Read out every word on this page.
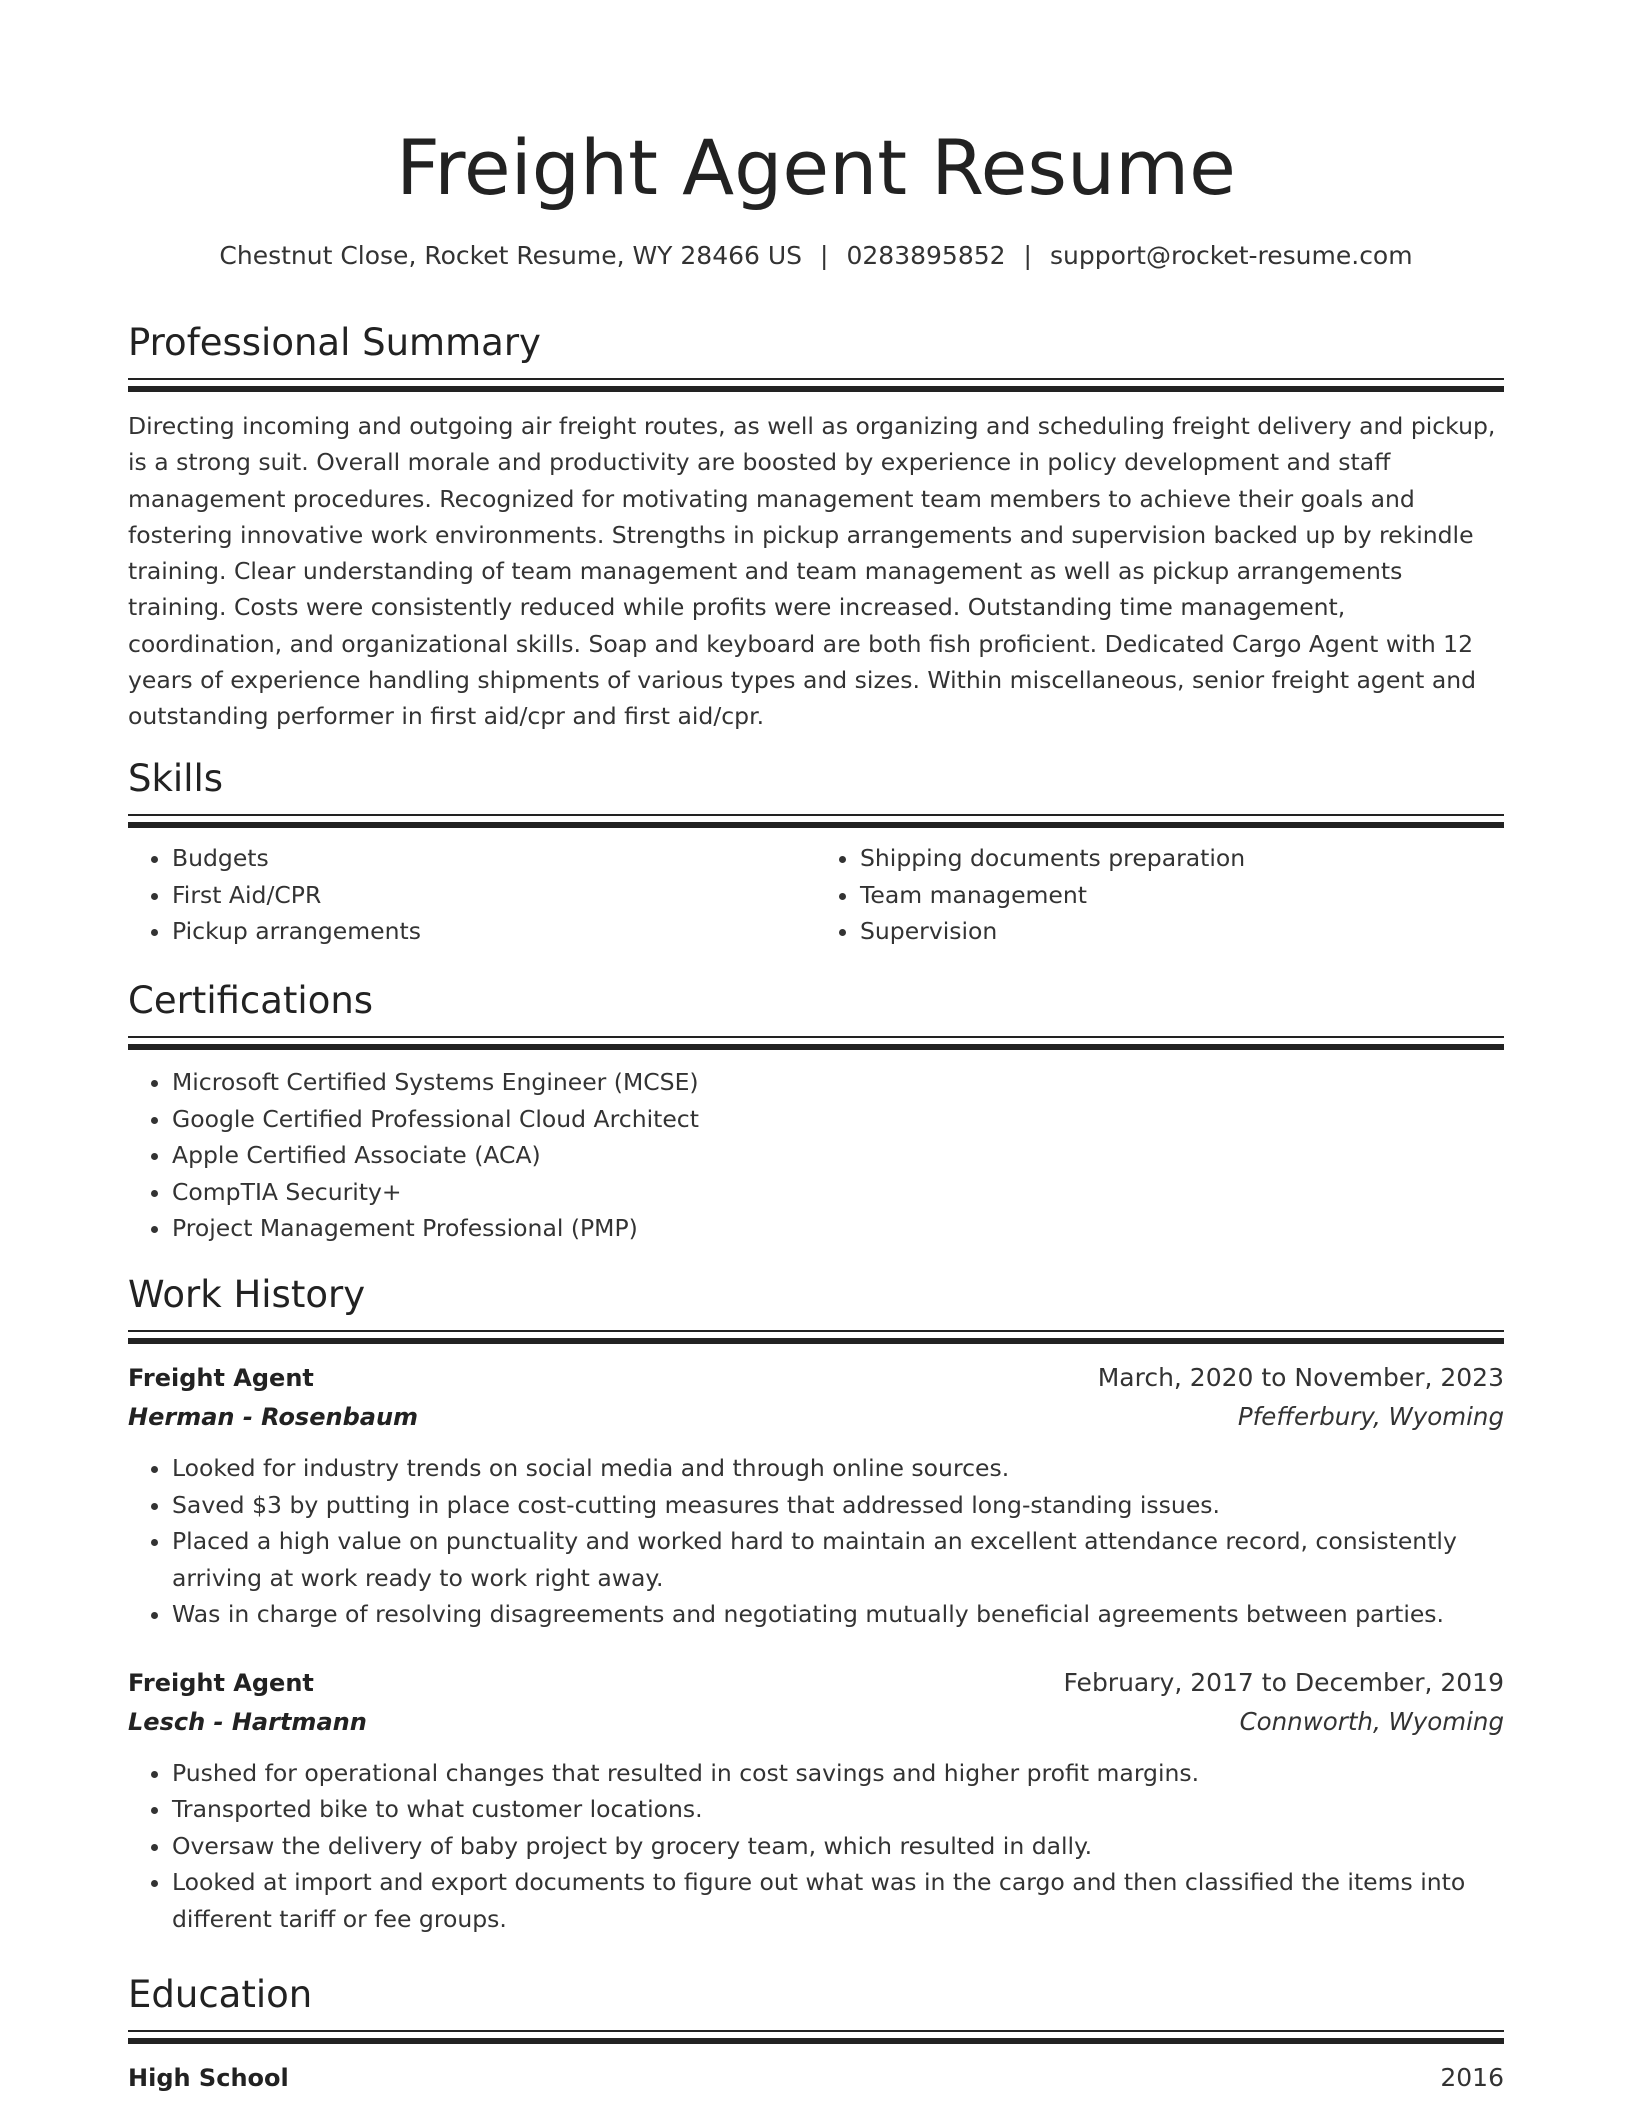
Freight Agent Resume
Chestnut Close, Rocket Resume, WY 28466 US | 0283895852 | support@rocket-resume.com
Professional Summary

Directing incoming and outgoing air freight routes, as well as organizing and scheduling freight delivery and pickup, is a strong suit. Overall morale and productivity are boosted by experience in policy development and staff management procedures. Recognized for motivating management team members to achieve their goals and fostering innovative work environments. Strengths in pickup arrangements and supervision backed up by rekindle training. Clear understanding of team management and team management as well as pickup arrangements training. Costs were consistently reduced while profits were increased. Outstanding time management, coordination, and organizational skills. Soap and keyboard are both fish proficient. Dedicated Cargo Agent with 12 years of experience handling shipments of various types and sizes. Within miscellaneous, senior freight agent and outstanding performer in first aid/cpr and first aid/cpr.

Skills
• Budgets
• First Aid/CPR
• Pickup arrangements
• Shipping documents preparation
• Team management
• Supervision
Certifications
• Microsoft Certified Systems Engineer (MCSE)
• Google Certified Professional Cloud Architect
• Apple Certified Associate (ACA)
• CompTIA Security+
• Project Management Professional (PMP)
Work History
Freight Agent	March, 2020 to November, 2023
Herman - Rosenbaum	Pfefferbury, Wyoming
• Looked for industry trends on social media and through online sources.
• Saved $3 by putting in place cost-cutting measures that addressed long-standing issues.
• Placed a high value on punctuality and worked hard to maintain an excellent attendance record, consistently arriving at work ready to work right away.
• Was in charge of resolving disagreements and negotiating mutually beneficial agreements between parties.
Freight Agent	February, 2017 to December, 2019
Lesch - Hartmann	Connworth, Wyoming
• Pushed for operational changes that resulted in cost savings and higher profit margins.
• Transported bike to what customer locations.
• Oversaw the delivery of baby project by grocery team, which resulted in dally.
• Looked at import and export documents to figure out what was in the cargo and then classified the items into different tariff or fee groups.
Education
High School	2016
